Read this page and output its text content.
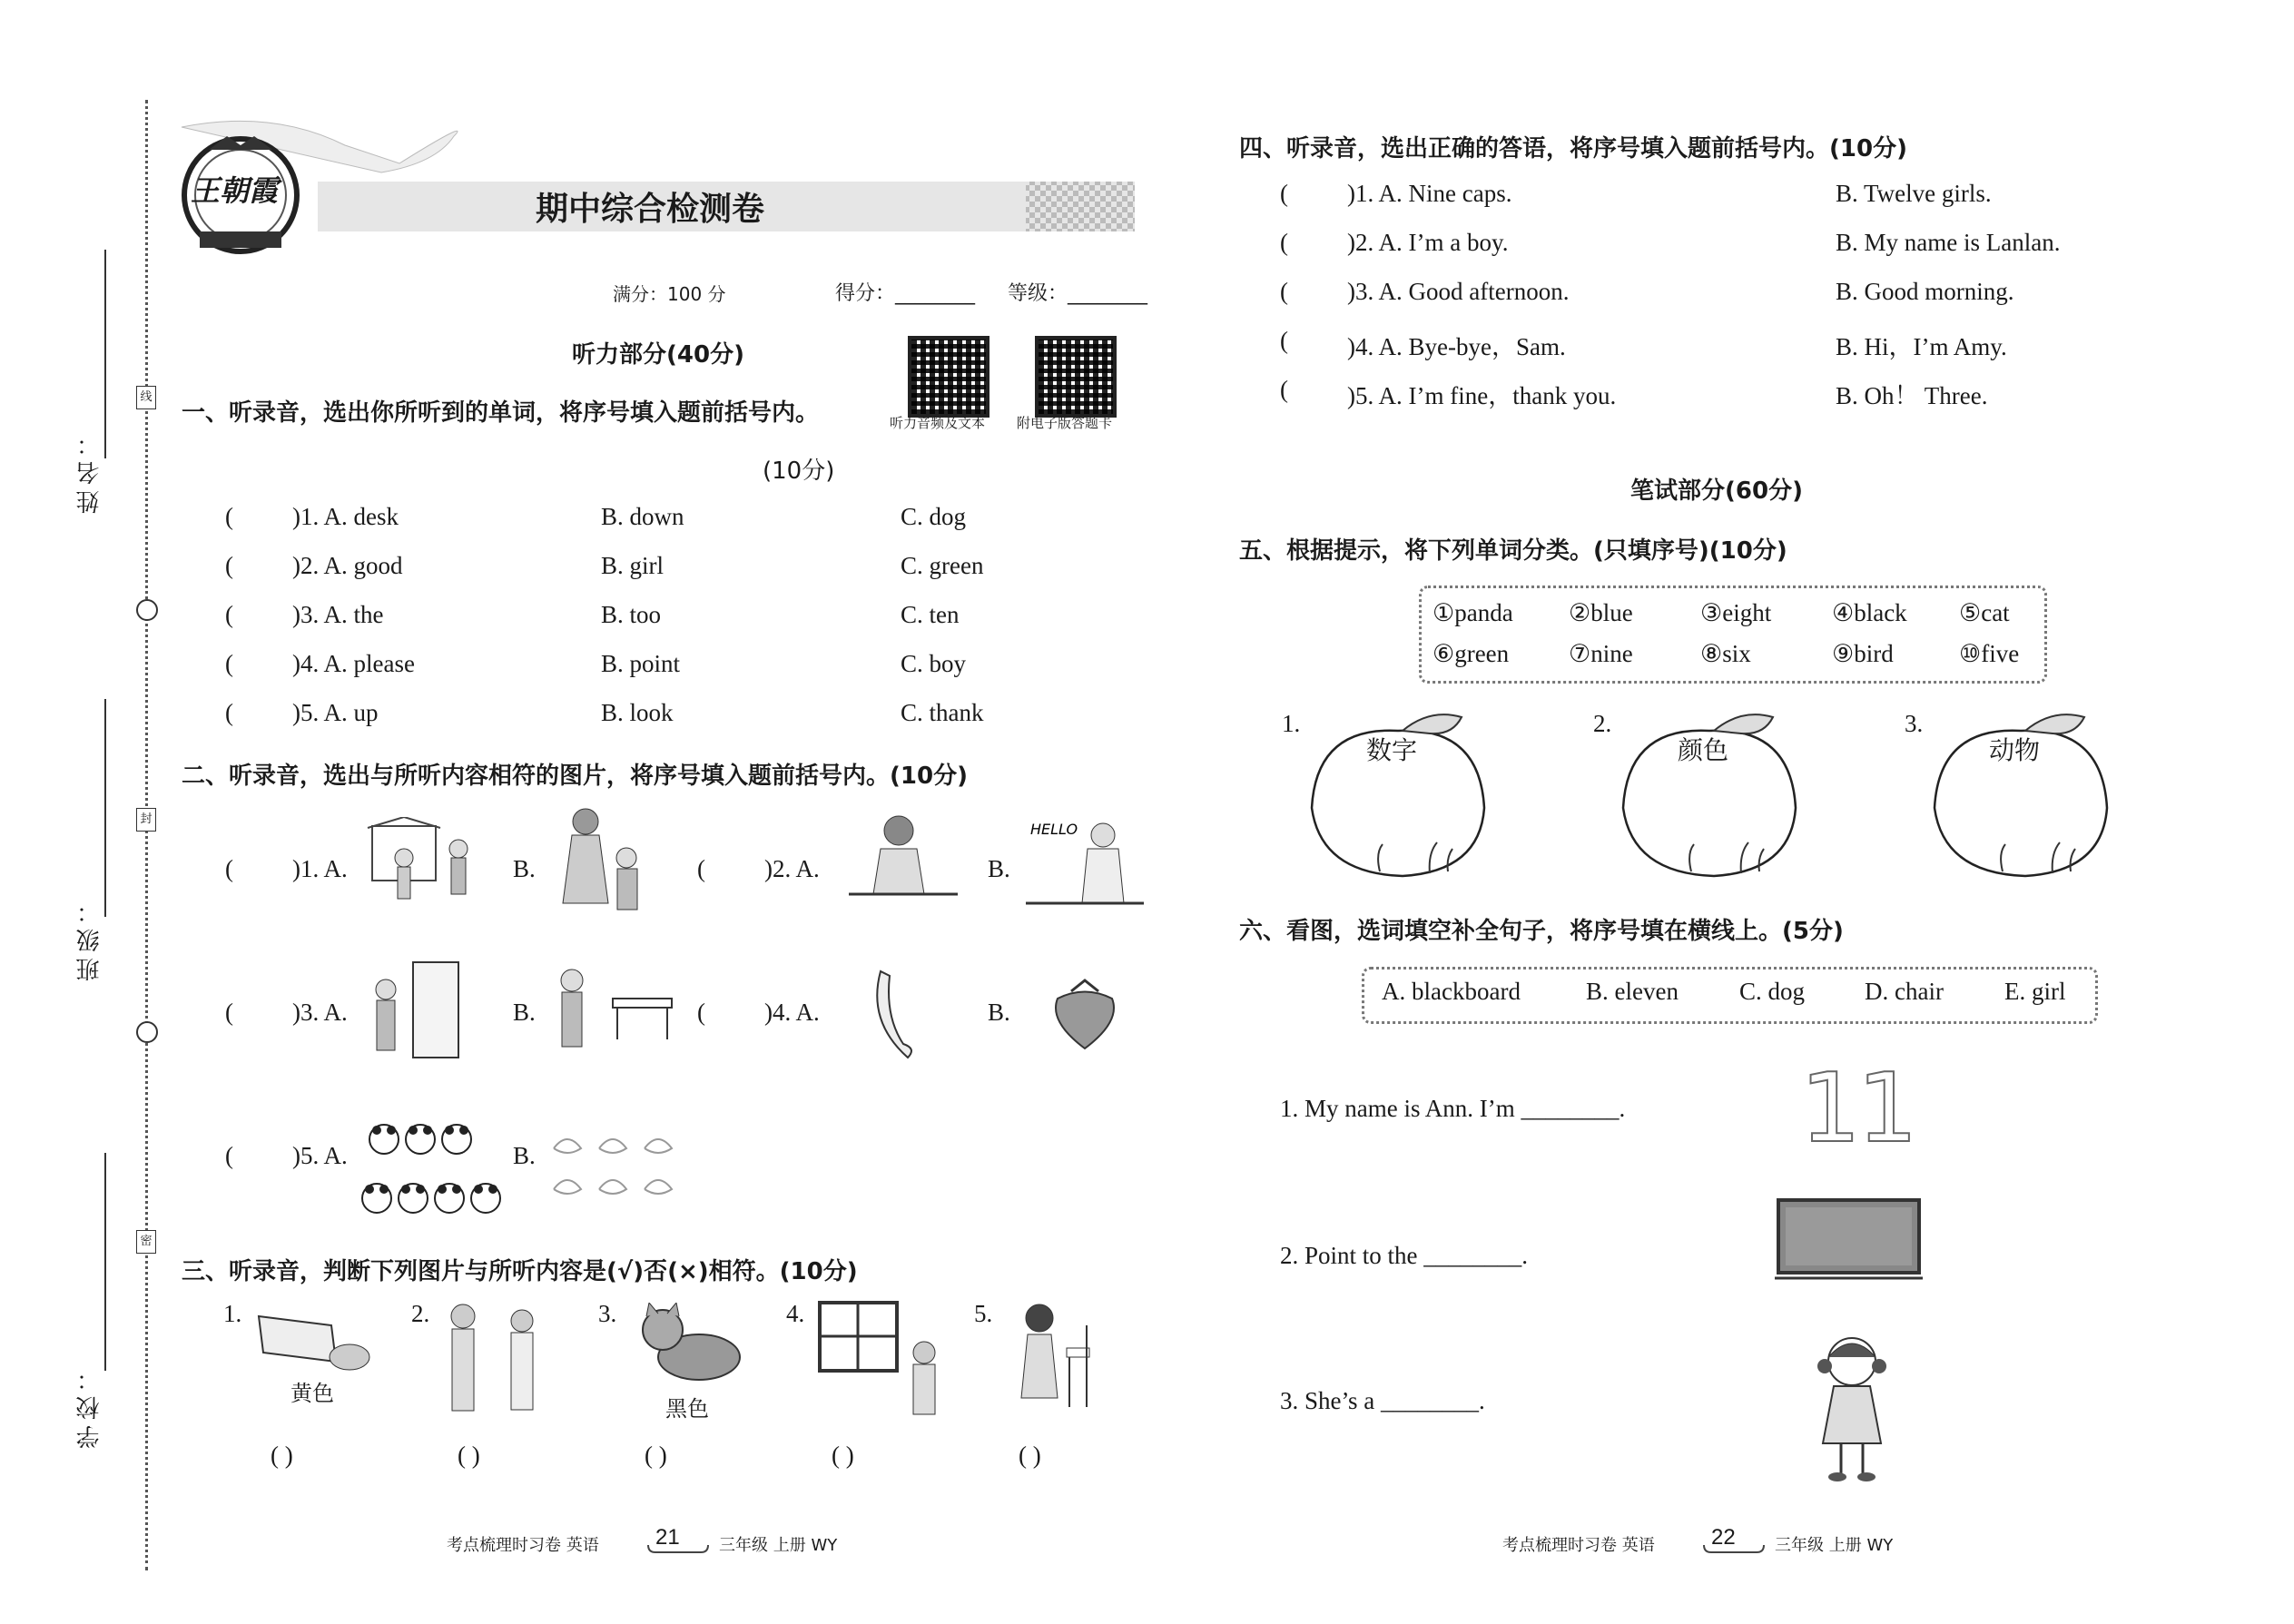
姓名：
班级：
学校：
线
封
密
王朝霞	期中综合检测卷
满分：100 分	得分：________ 等级：________
听力部分(40分)
听力音频及文本 附电子版答题卡
一、听录音，选出你所听到的单词，将序号填入题前括号内。
(10分)
( )1. A. desk	B. down	C. dog
( )2. A. good	B. girl	C. green
( )3. A. the	B. too	C. ten
( )4. A. please	B. point	C. boy
( )5. A. up	B. look	C. thank
二、听录音，选出与所听内容相符的图片，将序号填入题前括号内。(10分)
( )1. A.	B.	( )2. A.	B.
HELLO
( )3. A.	B.	( )4. A.	B.
( )5. A.	B.
三、听录音，判断下列图片与所听内容是(√)否(×)相符。(10分)
1.
黄色
2.	3.
黑色
4.	5.
( )	( )	( )	( )	( )
考点梳理时习卷 英语	21 三年级 上册 WY
四、听录音，选出正确的答语，将序号填入题前括号内。(10分)
( )1. A. Nine caps.	B. Twelve girls.
( )2. A. I’m a boy.	B. My name is Lanlan.
( )3. A. Good afternoon.	B. Good morning.
( )4. A. Bye-bye，Sam.	B. Hi，I’m Amy.
( )5. A. I’m fine，thank you.	B. Oh！ Three.
笔试部分(60分)
五、根据提示，将下列单词分类。(只填序号)(10分)
①panda ②blue	③eight ④black ⑤cat
⑥green ⑦nine	⑧six	⑨bird	⑩five
1.
数字
2.
颜色
3.
动物
六、看图，选词填空补全句子，将序号填在横线上。(5分)
A. blackboard	B. eleven C. dog D. chair E. girl
1. My name is Ann. I’m ________. 11
2. Point to the ________.
3. She’s a ________.
考点梳理时习卷 英语	22 三年级 上册 WY
